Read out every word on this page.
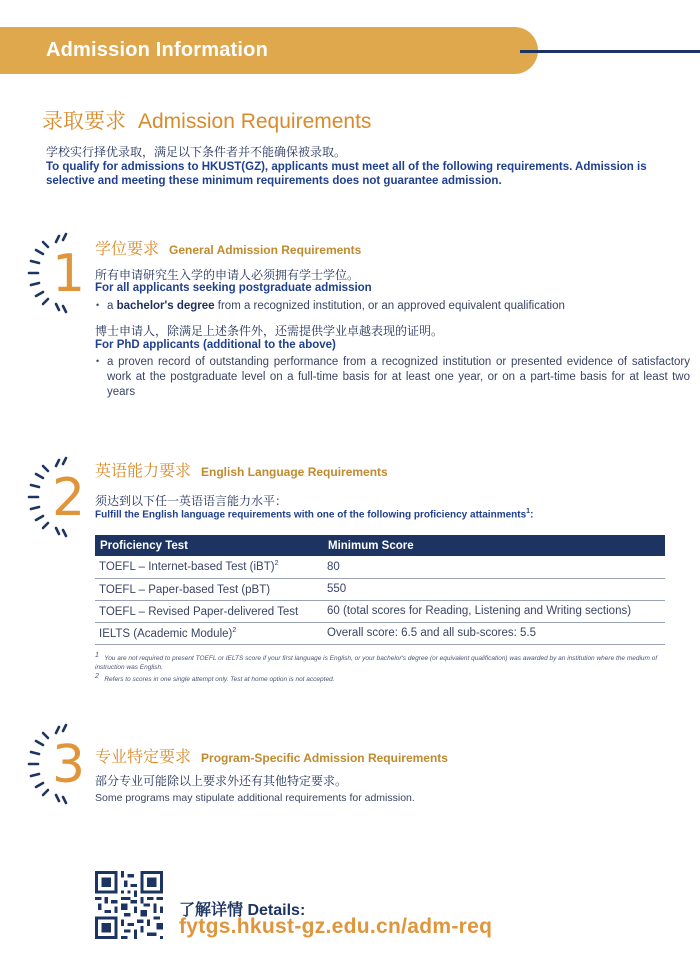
Admission Information
录取要求 Admission Requirements
学校实行择优录取，满足以下条件者并不能确保被录取。
To qualify for admissions to HKUST(GZ), applicants must meet all of the following requirements. Admission is selective and meeting these minimum requirements does not guarantee admission.
1 学位要求 General Admission Requirements
所有申请研究生入学的申请人必须拥有学士学位。
For all applicants seeking postgraduate admission
• a bachelor's degree from a recognized institution, or an approved equivalent qualification
博士申请人，除满足上述条件外，还需提供学业卓越表现的证明。
For PhD applicants (additional to the above)
• a proven record of outstanding performance from a recognized institution or presented evidence of satisfactory work at the postgraduate level on a full-time basis for at least one year, or on a part-time basis for at least two years
2 英语能力要求 English Language Requirements
须达到以下任一英语语言能力水平：
Fulfill the English language requirements with one of the following proficiency attainments$^1$:
Proficiency Test	Minimum Score
TOEFL – Internet-based Test (iBT)$^2$	80
TOEFL – Paper-based Test (pBT)	550
TOEFL – Revised Paper-delivered Test	60 (total scores for Reading, Listening and Writing sections)
IELTS (Academic Module)$^2$	Overall score: 6.5 and all sub-scores: 5.5
$^1$ You are not required to present TOEFL or IELTS score if your first language is English, or your bachelor's degree (or equivalent qualification) was awarded by an institution where the medium of instruction was English.
$^2$ Refers to scores in one single attempt only. Test at home option is not accepted.
3 专业特定要求 Program-Specific Admission Requirements
部分专业可能除以上要求外还有其他特定要求。
Some programs may stipulate additional requirements for admission.
了解详情 Details:
fytgs.hkust-gz.edu.cn/adm-req
